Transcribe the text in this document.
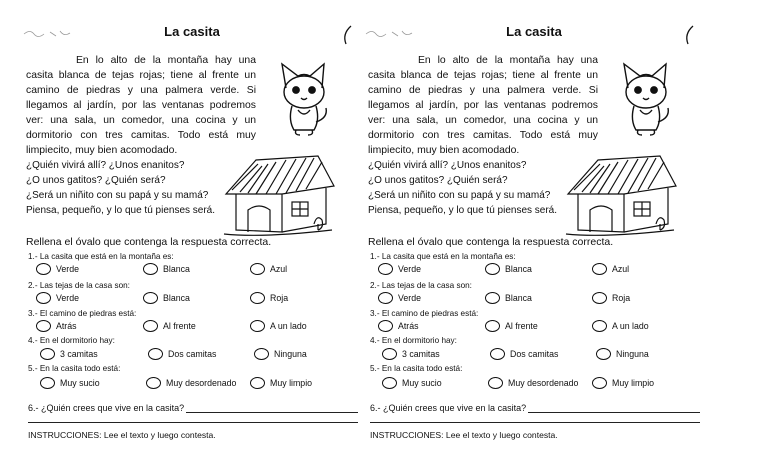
La casita

En lo alto de la montaña hay una casita blanca de tejas rojas; tiene al frente un camino de piedras y una palmera verde. Si llegamos al jardín, por las ventanas podremos ver: una sala, un comedor, una cocina y un dormitorio con tres camitas. Todo está muy limpiecito, muy bien acomodado.

¿Quién vivirá allí? ¿Unos enanitos?

¿O unos gatitos? ¿Quién será?

¿Será un niñito con su papá y su mamá?

Piensa, pequeño, y lo que tú pienses será.

Rellena el óvalo que contenga la respuesta correcta.
1.- La casita que está en la montaña es:
Verde	Blanca	Azul
2.- Las tejas de la casa son:
Verde	Blanca	Roja
3.- El camino de piedras está:
Atrás	Al frente	A un lado
4.- En el dormitorio hay:
3 camitas	Dos camitas	Ninguna
5.- En la casita todo está:
Muy sucio	Muy desordenado	Muy limpio
6.- ¿Quién crees que vive en la casita?
INSTRUCCIONES: Lee el texto y luego contesta.
La casita

En lo alto de la montaña hay una casita blanca de tejas rojas; tiene al frente un camino de piedras y una palmera verde. Si llegamos al jardín, por las ventanas podremos ver: una sala, un comedor, una cocina y un dormitorio con tres camitas. Todo está muy limpiecito, muy bien acomodado.

¿Quién vivirá allí? ¿Unos enanitos?

¿O unos gatitos? ¿Quién será?

¿Será un niñito con su papá y su mamá?

Piensa, pequeño, y lo que tú pienses será.

Rellena el óvalo que contenga la respuesta correcta.
1.- La casita que está en la montaña es:
Verde	Blanca	Azul
2.- Las tejas de la casa son:
Verde	Blanca	Roja
3.- El camino de piedras está:
Atrás	Al frente	A un lado
4.- En el dormitorio hay:
3 camitas	Dos camitas	Ninguna
5.- En la casita todo está:
Muy sucio	Muy desordenado	Muy limpio
6.- ¿Quién crees que vive en la casita?
INSTRUCCIONES: Lee el texto y luego contesta.
